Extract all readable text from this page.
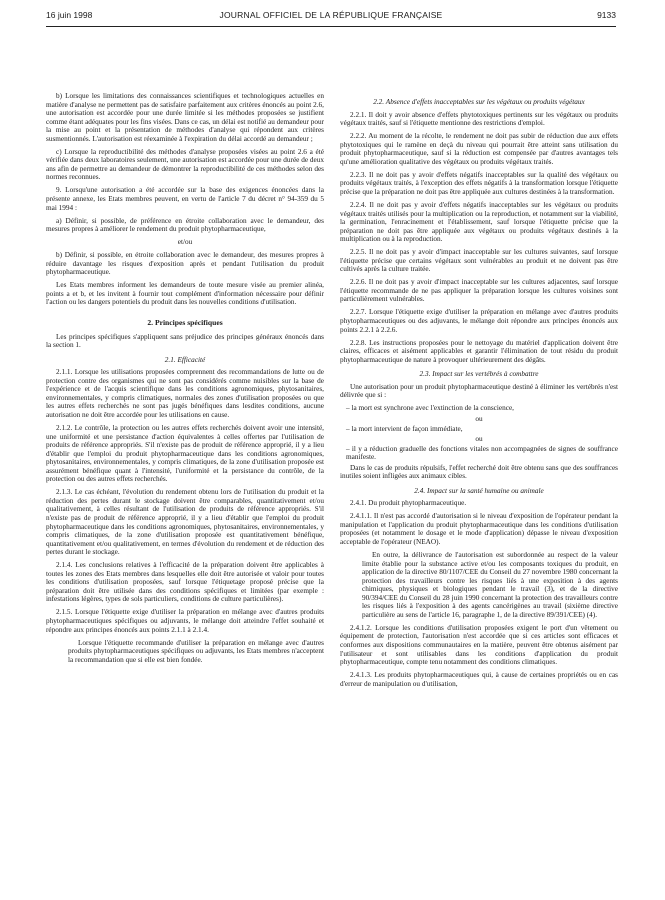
16 juin 1998	JOURNAL OFFICIEL DE LA RÉPUBLIQUE FRANÇAISE	9133

b) Lorsque les limitations des connaissances scientifiques et technologiques actuelles en matière d'analyse ne permettent pas de satisfaire parfaitement aux critères énoncés au point 2.6, une autorisation est accordée pour une durée limitée si les méthodes proposées se justifient comme étant adéquates pour les fins visées. Dans ce cas, un délai est notifié au demandeur pour la mise au point et la présentation de méthodes d'analyse qui répondent aux critères susmentionnés. L'autorisation est réexaminée à l'expiration du délai accordé au demandeur ;

c) Lorsque la reproductibilité des méthodes d'analyse proposées visées au point 2.6 a été vérifiée dans deux laboratoires seulement, une autorisation est accordée pour une durée de deux ans afin de permettre au demandeur de démontrer la reproductibilité de ces méthodes selon des normes reconnues.

9. Lorsqu'une autorisation a été accordée sur la base des exigences énoncées dans la présente annexe, les Etats membres peuvent, en vertu de l'article 7 du décret n° 94-359 du 5 mai 1994 :

a) Définir, si possible, de préférence en étroite collaboration avec le demandeur, des mesures propres à améliorer le rendement du produit phytopharmaceutique,

et/ou

b) Définir, si possible, en étroite collaboration avec le demandeur, des mesures propres à réduire davantage les risques d'exposition après et pendant l'utilisation du produit phytopharmaceutique.

Les Etats membres informent les demandeurs de toute mesure visée au premier alinéa, points a et b, et les invitent à fournir tout complément d'information nécessaire pour définir l'action ou les dangers potentiels du produit dans les nouvelles conditions d'utilisation.

2. Principes spécifiques

Les principes spécifiques s'appliquent sans préjudice des principes généraux énoncés dans la section 1.

2.1. Efficacité

2.1.1. Lorsque les utilisations proposées comprennent des recommandations de lutte ou de protection contre des organismes qui ne sont pas considérés comme nuisibles sur la base de l'expérience et de l'acquis scientifique dans les conditions agronomiques, phytosanitaires, environnementales, y compris climatiques, normales des zones d'utilisation proposées ou que les autres effets recherchés ne sont pas jugés bénéfiques dans lesdites conditions, aucune autorisation ne doit être accordée pour les utilisations en cause.

2.1.2. Le contrôle, la protection ou les autres effets recherchés doivent avoir une intensité, une uniformité et une persistance d'action équivalentes à celles offertes par l'utilisation de produits de référence appropriés. S'il n'existe pas de produit de référence approprié, il y a lieu d'établir que l'emploi du produit phytopharmaceutique dans les conditions agronomiques, phytosanitaires, environnementales, y compris climatiques, de la zone d'utilisation proposée est assurément bénéfique quant à l'intensité, l'uniformité et la persistance du contrôle, de la protection ou des autres effets recherchés.

2.1.3. Le cas échéant, l'évolution du rendement obtenu lors de l'utilisation du produit et la réduction des pertes durant le stockage doivent être comparables, quantitativement et/ou qualitativement, à celles résultant de l'utilisation de produits de référence appropriés. S'il n'existe pas de produit de référence approprié, il y a lieu d'établir que l'emploi du produit phytopharmaceutique dans les conditions agronomiques, phytosanitaires, environnementales, y compris climatiques, de la zone d'utilisation proposée est quantitativement bénéfique, quantitativement et/ou qualitativement, en termes d'évolution du rendement et de réduction des pertes durant le stockage.

2.1.4. Les conclusions relatives à l'efficacité de la préparation doivent être applicables à toutes les zones des Etats membres dans lesquelles elle doit être autorisée et valoir pour toutes les conditions d'utilisation proposées, sauf lorsque l'étiquetage proposé précise que la préparation doit être utilisée dans des conditions spécifiques et limitées (par exemple : infestations légères, types de sols particuliers, conditions de culture particulières).

2.1.5. Lorsque l'étiquette exige d'utiliser la préparation en mélange avec d'autres produits phytopharmaceutiques spécifiques ou adjuvants, le mélange doit atteindre l'effet souhaité et répondre aux principes énoncés aux points 2.1.1 à 2.1.4.

Lorsque l'étiquette recommande d'utiliser la préparation en mélange avec d'autres produits phytopharmaceutiques spécifiques ou adjuvants, les Etats membres n'acceptent la recommandation que si elle est bien fondée.

2.2. Absence d'effets inacceptables sur les végétaux ou produits végétaux

2.2.1. Il doit y avoir absence d'effets phytotoxiques pertinents sur les végétaux ou produits végétaux traités, sauf si l'étiquette mentionne des restrictions d'emploi.

2.2.2. Au moment de la récolte, le rendement ne doit pas subir de réduction due aux effets phytotoxiques qui le ramène en deçà du niveau qui pourrait être atteint sans utilisation du produit phytopharmaceutique, sauf si la réduction est compensée par d'autres avantages tels qu'une amélioration qualitative des végétaux ou produits végétaux traités.

2.2.3. Il ne doit pas y avoir d'effets négatifs inacceptables sur la qualité des végétaux ou produits végétaux traités, à l'exception des effets négatifs à la transformation lorsque l'étiquette précise que la préparation ne doit pas être appliquée aux cultures destinées à la transformation.

2.2.4. Il ne doit pas y avoir d'effets négatifs inacceptables sur les végétaux ou produits végétaux traités utilisés pour la multiplication ou la reproduction, et notamment sur la viabilité, la germination, l'enracinement et l'établissement, sauf lorsque l'étiquette précise que la préparation ne doit pas être appliquée aux végétaux ou produits végétaux destinés à la multiplication ou à la reproduction.

2.2.5. Il ne doit pas y avoir d'impact inacceptable sur les cultures suivantes, sauf lorsque l'étiquette précise que certains végétaux sont vulnérables au produit et ne doivent pas être cultivés après la culture traitée.

2.2.6. Il ne doit pas y avoir d'impact inacceptable sur les cultures adjacentes, sauf lorsque l'étiquette recommande de ne pas appliquer la préparation lorsque les cultures voisines sont particulièrement vulnérables.

2.2.7. Lorsque l'étiquette exige d'utiliser la préparation en mélange avec d'autres produits phytopharmaceutiques ou des adjuvants, le mélange doit répondre aux principes énoncés aux points 2.2.1 à 2.2.6.

2.2.8. Les instructions proposées pour le nettoyage du matériel d'application doivent être claires, efficaces et aisément applicables et garantir l'élimination de tout résidu du produit phytopharmaceutique de nature à provoquer ultérieurement des dégâts.

2.3. Impact sur les vertébrés à combattre

Une autorisation pour un produit phytopharmaceutique destiné à éliminer les vertébrés n'est délivrée que si :

– la mort est synchrone avec l'extinction de la conscience,

ou

– la mort intervient de façon immédiate,

ou

– il y a réduction graduelle des fonctions vitales non accompagnées de signes de souffrance manifeste.

Dans le cas de produits répulsifs, l'effet recherché doit être obtenu sans que des souffrances inutiles soient infligées aux animaux cibles.

2.4. Impact sur la santé humaine ou animale

2.4.1. Du produit phytopharmaceutique.

2.4.1.1. Il n'est pas accordé d'autorisation si le niveau d'exposition de l'opérateur pendant la manipulation et l'application du produit phytopharmaceutique dans les conditions d'utilisation proposées (et notamment le dosage et le mode d'application) dépasse le niveau d'exposition acceptable de l'opérateur (NEAO).

En outre, la délivrance de l'autorisation est subordonnée au respect de la valeur limite établie pour la substance active et/ou les composants toxiques du produit, en application de la directive 80/1107/CEE du Conseil du 27 novembre 1980 concernant la protection des travailleurs contre les risques liés à une exposition à des agents chimiques, physiques et biologiques pendant le travail (3), et de la directive 90/394/CEE du Conseil du 28 juin 1990 concernant la protection des travailleurs contre les risques liés à l'exposition à des agents cancérigènes au travail (sixième directive particulière au sens de l'article 16, paragraphe 1, de la directive 89/391/CEE) (4).

2.4.1.2. Lorsque les conditions d'utilisation proposées exigent le port d'un vêtement ou équipement de protection, l'autorisation n'est accordée que si ces articles sont efficaces et conformes aux dispositions communautaires en la matière, peuvent être obtenus aisément par l'utilisateur et sont utilisables dans les conditions d'application du produit phytopharmaceutique, compte tenu notamment des conditions climatiques.

2.4.1.3. Les produits phytopharmaceutiques qui, à cause de certaines propriétés ou en cas d'erreur de manipulation ou d'utilisation,
